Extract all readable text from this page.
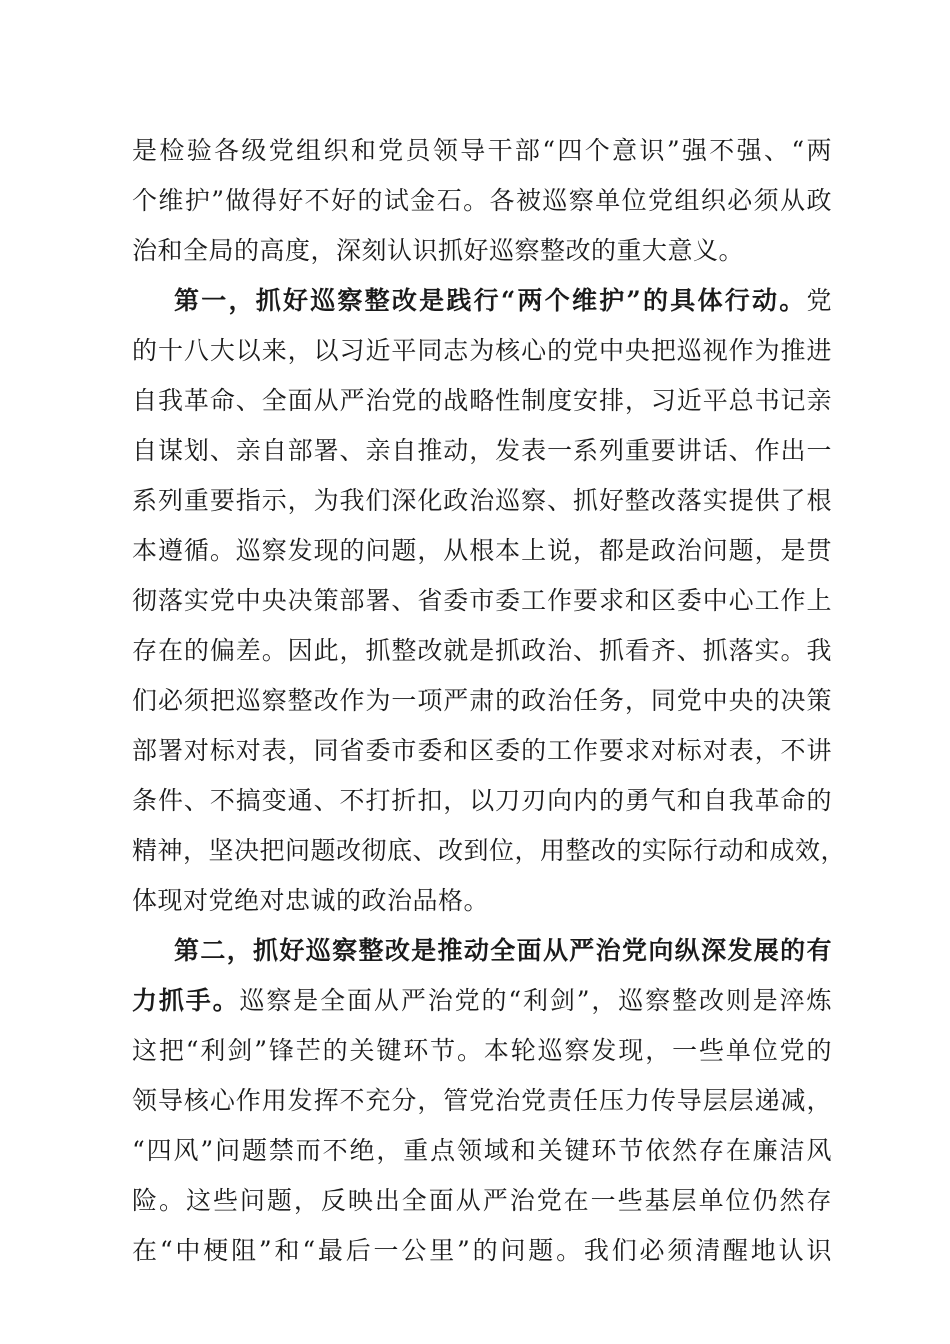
是检验各级党组织和党员领导干部“四个意识”强不强、“两
个维护”做得好不好的试金石。各被巡察单位党组织必须从政
治和全局的高度，深刻认识抓好巡察整改的重大意义。
第一，抓好巡察整改是践行“两个维护”的具体行动。党
的十八大以来，以习近平同志为核心的党中央把巡视作为推进
自我革命、全面从严治党的战略性制度安排，习近平总书记亲
自谋划、亲自部署、亲自推动，发表一系列重要讲话、作出一
系列重要指示，为我们深化政治巡察、抓好整改落实提供了根
本遵循。巡察发现的问题，从根本上说，都是政治问题，是贯
彻落实党中央决策部署、省委市委工作要求和区委中心工作上
存在的偏差。因此，抓整改就是抓政治、抓看齐、抓落实。我
们必须把巡察整改作为一项严肃的政治任务，同党中央的决策
部署对标对表，同省委市委和区委的工作要求对标对表，不讲
条件、不搞变通、不打折扣，以刀刃向内的勇气和自我革命的
精神，坚决把问题改彻底、改到位，用整改的实际行动和成效，
体现对党绝对忠诚的政治品格。
第二，抓好巡察整改是推动全面从严治党向纵深发展的有
力抓手。巡察是全面从严治党的“利剑”，巡察整改则是淬炼
这把“利剑”锋芒的关键环节。本轮巡察发现，一些单位党的
领导核心作用发挥不充分，管党治党责任压力传导层层递减，
“四风”问题禁而不绝，重点领域和关键环节依然存在廉洁风
险。这些问题，反映出全面从严治党在一些基层单位仍然存
在“中梗阻”和“最后一公里”的问题。我们必须清醒地认识
